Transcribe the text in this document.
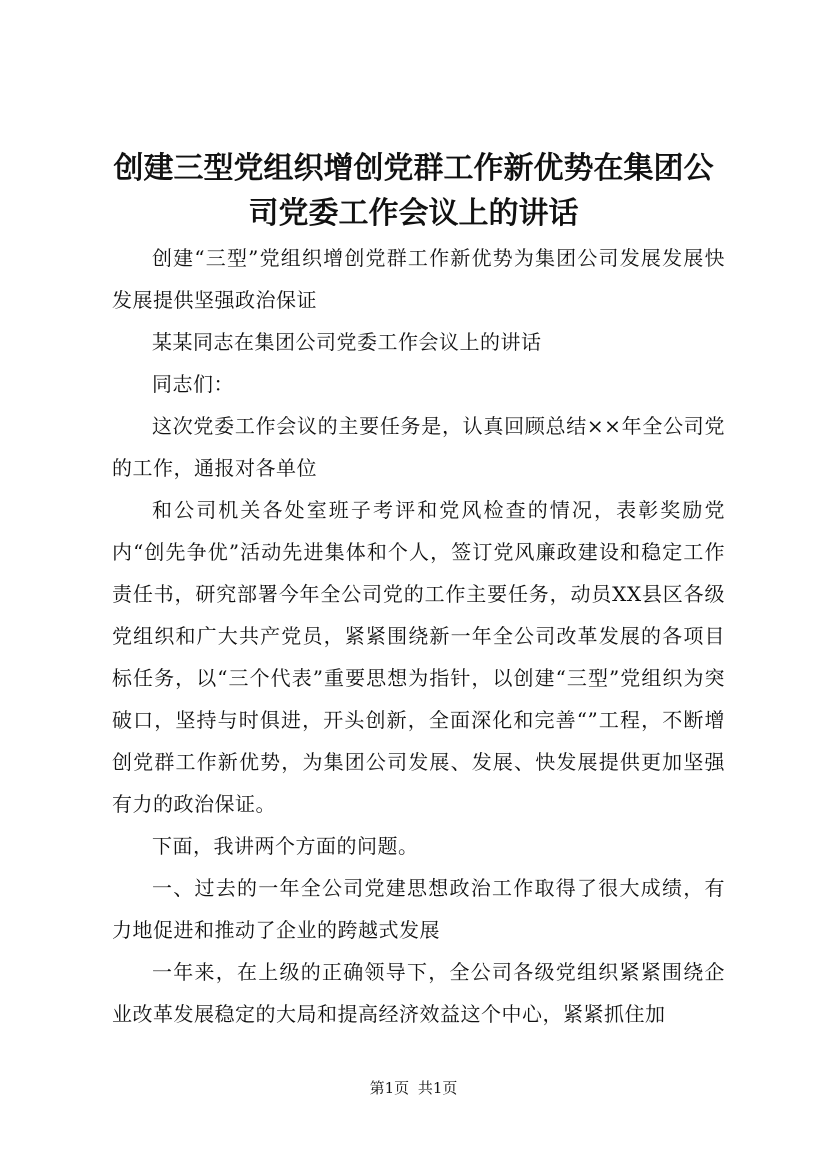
创建三型党组织增创党群工作新优势在集团公司党委工作会议上的讲话

创建“三型”党组织增创党群工作新优势为集团公司发展发展快发展提供坚强政治保证

某某同志在集团公司党委工作会议上的讲话

同志们：

这次党委工作会议的主要任务是，认真回顾总结××年全公司党的工作，通报对各单位

和公司机关各处室班子考评和党风检查的情况，表彰奖励党内“创先争优”活动先进集体和个人，签订党风廉政建设和稳定工作责任书，研究部署今年全公司党的工作主要任务，动员XX县区各级党组织和广大共产党员，紧紧围绕新一年全公司改革发展的各项目标任务，以“三个代表”重要思想为指针，以创建“三型”党组织为突破口，坚持与时俱进，开头创新，全面深化和完善“”工程，不断增创党群工作新优势，为集团公司发展、发展、快发展提供更加坚强有力的政治保证。

下面，我讲两个方面的问题。

一、过去的一年全公司党建思想政治工作取得了很大成绩，有力地促进和推动了企业的跨越式发展

一年来，在上级的正确领导下，全公司各级党组织紧紧围绕企业改革发展稳定的大局和提高经济效益这个中心，紧紧抓住加

第1页 共1页
